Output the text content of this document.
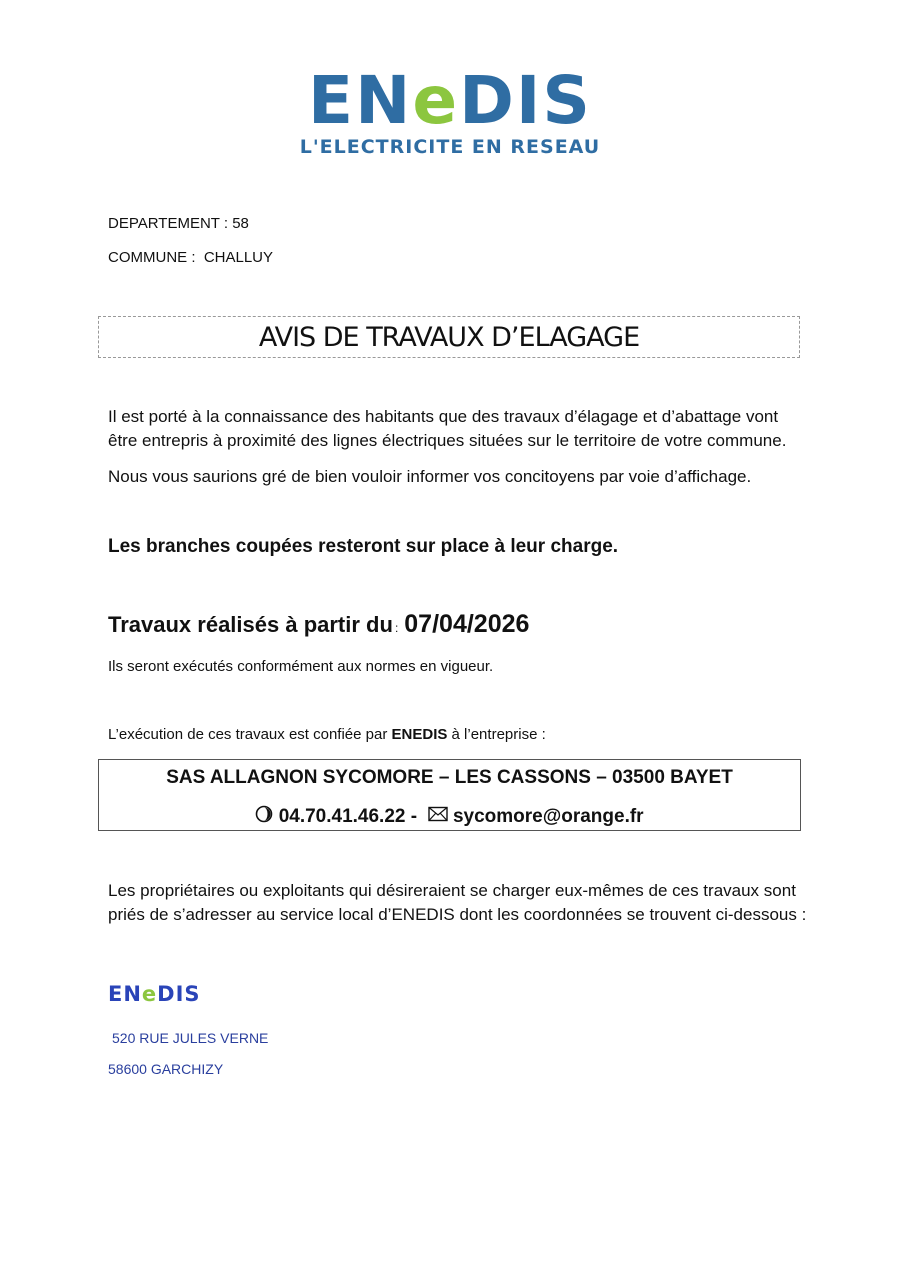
ENeDIS
L'ELECTRICITE EN RESEAU
DEPARTEMENT : 58
COMMUNE :  CHALLUY
AVIS DE TRAVAUX D’ELAGAGE
Il est porté à la connaissance des habitants que des travaux d’élagage et d’abattage vont être entrepris à proximité des lignes électriques situées sur le territoire de votre commune.
Nous vous saurions gré de bien vouloir informer vos concitoyens par voie d’affichage.
Les branches coupées resteront sur place à leur charge.
Travaux réalisés à partir du : 07/04/2026
Ils seront exécutés conformément aux normes en vigueur.
L’exécution de ces travaux est confiée par ENEDIS à l’entreprise :
SAS ALLAGNON SYCOMORE – LES CASSONS – 03500 BAYET
04.70.41.46.22 -   sycomore@orange.fr
Les propriétaires ou exploitants qui désireraient se charger eux-mêmes de ces travaux sont priés de s’adresser au service local d’ENEDIS dont les coordonnées se trouvent ci-dessous :
ENeDIS
520 RUE JULES VERNE
58600 GARCHIZY
